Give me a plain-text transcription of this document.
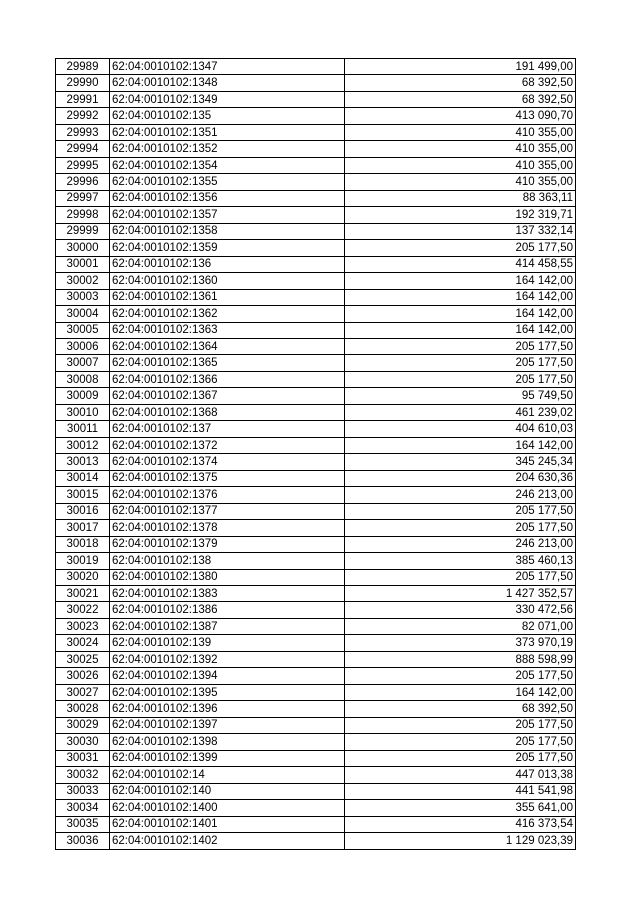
29989	62:04:0010102:1347	191 499,00
29990	62:04:0010102:1348	68 392,50
29991	62:04:0010102:1349	68 392,50
29992	62:04:0010102:135	413 090,70
29993	62:04:0010102:1351	410 355,00
29994	62:04:0010102:1352	410 355,00
29995	62:04:0010102:1354	410 355,00
29996	62:04:0010102:1355	410 355,00
29997	62:04:0010102:1356	88 363,11
29998	62:04:0010102:1357	192 319,71
29999	62:04:0010102:1358	137 332,14
30000	62:04:0010102:1359	205 177,50
30001	62:04:0010102:136	414 458,55
30002	62:04:0010102:1360	164 142,00
30003	62:04:0010102:1361	164 142,00
30004	62:04:0010102:1362	164 142,00
30005	62:04:0010102:1363	164 142,00
30006	62:04:0010102:1364	205 177,50
30007	62:04:0010102:1365	205 177,50
30008	62:04:0010102:1366	205 177,50
30009	62:04:0010102:1367	95 749,50
30010	62:04:0010102:1368	461 239,02
30011	62:04:0010102:137	404 610,03
30012	62:04:0010102:1372	164 142,00
30013	62:04:0010102:1374	345 245,34
30014	62:04:0010102:1375	204 630,36
30015	62:04:0010102:1376	246 213,00
30016	62:04:0010102:1377	205 177,50
30017	62:04:0010102:1378	205 177,50
30018	62:04:0010102:1379	246 213,00
30019	62:04:0010102:138	385 460,13
30020	62:04:0010102:1380	205 177,50
30021	62:04:0010102:1383	1 427 352,57
30022	62:04:0010102:1386	330 472,56
30023	62:04:0010102:1387	82 071,00
30024	62:04:0010102:139	373 970,19
30025	62:04:0010102:1392	888 598,99
30026	62:04:0010102:1394	205 177,50
30027	62:04:0010102:1395	164 142,00
30028	62:04:0010102:1396	68 392,50
30029	62:04:0010102:1397	205 177,50
30030	62:04:0010102:1398	205 177,50
30031	62:04:0010102:1399	205 177,50
30032	62:04:0010102:14	447 013,38
30033	62:04:0010102:140	441 541,98
30034	62:04:0010102:1400	355 641,00
30035	62:04:0010102:1401	416 373,54
30036	62:04:0010102:1402	1 129 023,39
